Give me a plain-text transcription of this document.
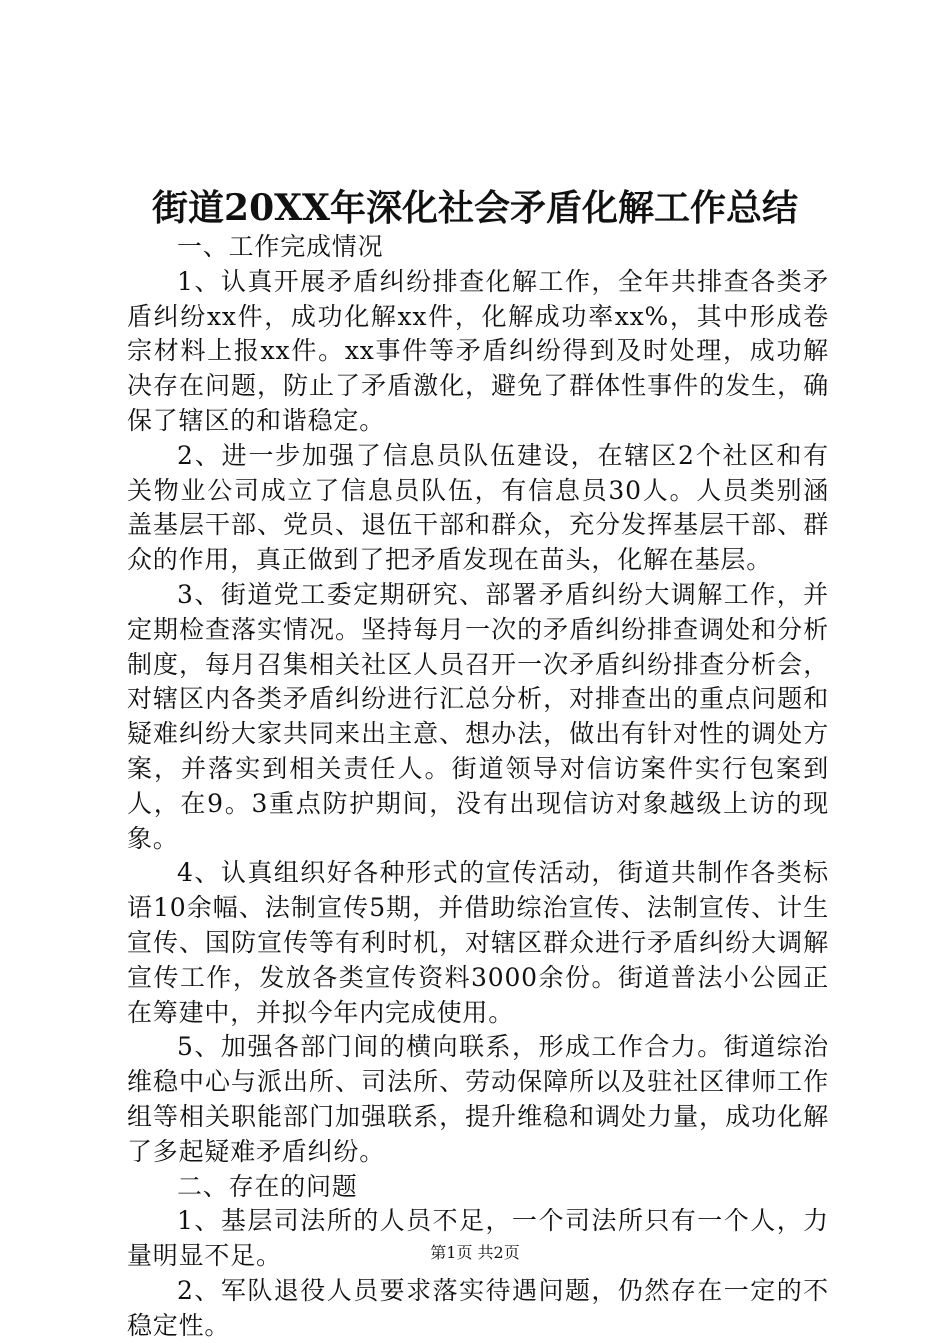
街道20XX年深化社会矛盾化解工作总结

一、工作完成情况

1、认真开展矛盾纠纷排查化解工作，全年共排查各类矛盾纠纷xx件，成功化解xx件，化解成功率xx%，其中形成卷宗材料上报xx件。xx事件等矛盾纠纷得到及时处理，成功解决存在问题，防止了矛盾激化，避免了群体性事件的发生，确保了辖区的和谐稳定。

2、进一步加强了信息员队伍建设，在辖区2个社区和有关物业公司成立了信息员队伍，有信息员30人。人员类别涵盖基层干部、党员、退伍干部和群众，充分发挥基层干部、群众的作用，真正做到了把矛盾发现在苗头，化解在基层。

3、街道党工委定期研究、部署矛盾纠纷大调解工作，并定期检查落实情况。坚持每月一次的矛盾纠纷排查调处和分析制度，每月召集相关社区人员召开一次矛盾纠纷排查分析会，对辖区内各类矛盾纠纷进行汇总分析，对排查出的重点问题和疑难纠纷大家共同来出主意、想办法，做出有针对性的调处方案，并落实到相关责任人。街道领导对信访案件实行包案到人，在9。3重点防护期间，没有出现信访对象越级上访的现象。

4、认真组织好各种形式的宣传活动，街道共制作各类标语10余幅、法制宣传5期，并借助综治宣传、法制宣传、计生宣传、国防宣传等有利时机，对辖区群众进行矛盾纠纷大调解宣传工作，发放各类宣传资料3000余份。街道普法小公园正在筹建中，并拟今年内完成使用。

5、加强各部门间的横向联系，形成工作合力。街道综治维稳中心与派出所、司法所、劳动保障所以及驻社区律师工作组等相关职能部门加强联系，提升维稳和调处力量，成功化解了多起疑难矛盾纠纷。

二、存在的问题

1、基层司法所的人员不足，一个司法所只有一个人，力量明显不足。

2、军队退役人员要求落实待遇问题，仍然存在一定的不稳定性。

第1页 共2页
